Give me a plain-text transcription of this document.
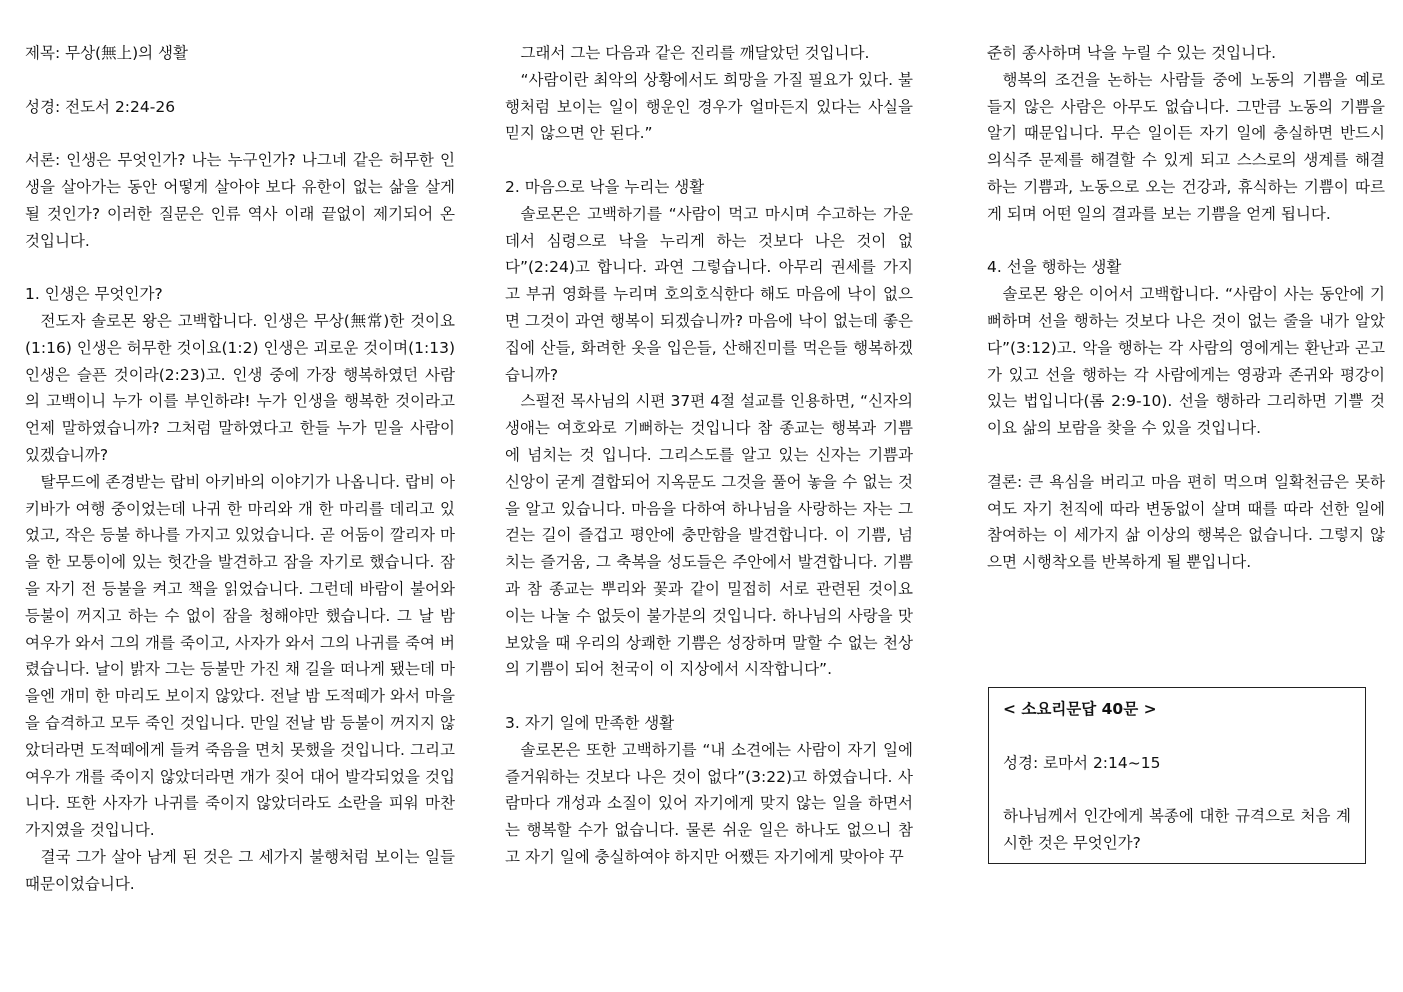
제목: 무상(無上)의 생활

성경: 전도서 2:24-26

서론: 인생은 무엇인가? 나는 누구인가? 나그네 같은 허무한 인생을 살아가는 동안 어떻게 살아야 보다 유한이 없는 삶을 살게 될 것인가? 이러한 질문은 인류 역사 이래 끝없이 제기되어 온 것입니다.

1. 인생은 무엇인가?

전도자 솔로몬 왕은 고백합니다. 인생은 무상(無常)한 것이요(1:16) 인생은 허무한 것이요(1:2) 인생은 괴로운 것이며(1:13) 인생은 슬픈 것이라(2:23)고. 인생 중에 가장 행복하였던 사람의 고백이니 누가 이를 부인하랴! 누가 인생을 행복한 것이라고 언제 말하였습니까? 그처럼 말하였다고 한들 누가 믿을 사람이 있겠습니까?

탈무드에 존경받는 랍비 아키바의 이야기가 나옵니다. 랍비 아키바가 여행 중이었는데 나귀 한 마리와 개 한 마리를 데리고 있었고, 작은 등불 하나를 가지고 있었습니다. 곧 어둠이 깔리자 마을 한 모퉁이에 있는 헛간을 발견하고 잠을 자기로 했습니다. 잠을 자기 전 등불을 켜고 책을 읽었습니다. 그런데 바람이 불어와 등불이 꺼지고 하는 수 없이 잠을 청해야만 했습니다. 그 날 밤 여우가 와서 그의 개를 죽이고, 사자가 와서 그의 나귀를 죽여 버렸습니다. 날이 밝자 그는 등불만 가진 채 길을 떠나게 됐는데 마을엔 개미 한 마리도 보이지 않았다. 전날 밤 도적떼가 와서 마을을 습격하고 모두 죽인 것입니다. 만일 전날 밤 등불이 꺼지지 않았더라면 도적떼에게 들켜 죽음을 면치 못했을 것입니다. 그리고 여우가 개를 죽이지 않았더라면 개가 짖어 대어 발각되었을 것입니다. 또한 사자가 나귀를 죽이지 않았더라도 소란을 피워 마찬가지였을 것입니다.

결국 그가 살아 남게 된 것은 그 세가지 불행처럼 보이는 일들 때문이었습니다.

그래서 그는 다음과 같은 진리를 깨달았던 것입니다.

“사람이란 최악의 상황에서도 희망을 가질 필요가 있다. 불행처럼 보이는 일이 행운인 경우가 얼마든지 있다는 사실을 믿지 않으면 안 된다.”

2. 마음으로 낙을 누리는 생활

솔로몬은 고백하기를 “사람이 먹고 마시며 수고하는 가운데서 심령으로 낙을 누리게 하는 것보다 나은 것이 없다”(2:24)고 합니다. 과연 그렇습니다. 아무리 권세를 가지고 부귀 영화를 누리며 호의호식한다 해도 마음에 낙이 없으면 그것이 과연 행복이 되겠습니까? 마음에 낙이 없는데 좋은 집에 산들, 화려한 옷을 입은들, 산해진미를 먹은들 행복하겠습니까?

스펄전 목사님의 시편 37편 4절 설교를 인용하면, “신자의 생애는 여호와로 기뻐하는 것입니다 참 종교는 행복과 기쁨에 넘치는 것 입니다. 그리스도를 알고 있는 신자는 기쁨과 신앙이 굳게 결합되어 지옥문도 그것을 풀어 놓을 수 없는 것을 알고 있습니다. 마음을 다하여 하나님을 사랑하는 자는 그 걷는 길이 즐겁고 평안에 충만함을 발견합니다. 이 기쁨, 넘치는 즐거움, 그 축복을 성도들은 주안에서 발견합니다. 기쁨과 참 종교는 뿌리와 꽃과 같이 밀접히 서로 관련된 것이요 이는 나눌 수 없듯이 불가분의 것입니다. 하나님의 사랑을 맛보았을 때 우리의 상쾌한 기쁨은 성장하며 말할 수 없는 천상의 기쁨이 되어 천국이 이 지상에서 시작합니다”.

3. 자기 일에 만족한 생활

솔로몬은 또한 고백하기를 “내 소견에는 사람이 자기 일에 즐거워하는 것보다 나은 것이 없다”(3:22)고 하였습니다. 사람마다 개성과 소질이 있어 자기에게 맞지 않는 일을 하면서는 행복할 수가 없습니다. 물론 쉬운 일은 하나도 없으니 참고 자기 일에 충실하여야 하지만 어쨌든 자기에게 맞아야 꾸

준히 종사하며 낙을 누릴 수 있는 것입니다.

행복의 조건을 논하는 사람들 중에 노동의 기쁨을 예로 들지 않은 사람은 아무도 없습니다. 그만큼 노동의 기쁨을 알기 때문입니다. 무슨 일이든 자기 일에 충실하면 반드시 의식주 문제를 해결할 수 있게 되고 스스로의 생계를 해결하는 기쁨과, 노동으로 오는 건강과, 휴식하는 기쁨이 따르게 되며 어떤 일의 결과를 보는 기쁨을 얻게 됩니다.

4. 선을 행하는 생활

솔로몬 왕은 이어서 고백합니다. “사람이 사는 동안에 기뻐하며 선을 행하는 것보다 나은 것이 없는 줄을 내가 알았다”(3:12)고. 악을 행하는 각 사람의 영에게는 환난과 곤고가 있고 선을 행하는 각 사람에게는 영광과 존귀와 평강이 있는 법입니다(롬 2:9-10). 선을 행하라 그리하면 기쁠 것이요 삶의 보람을 찾을 수 있을 것입니다.

결론: 큰 욕심을 버리고 마음 편히 먹으며 일확천금은 못하여도 자기 천직에 따라 변동없이 살며 때를 따라 선한 일에 참여하는 이 세가지 삶 이상의 행복은 없습니다. 그렇지 않으면 시행착오를 반복하게 될 뿐입니다.

< 소요리문답 40문 >

성경: 로마서 2:14~15

하나님께서 인간에게 복종에 대한 규격으로 처음 계시한 것은 무엇인가?
